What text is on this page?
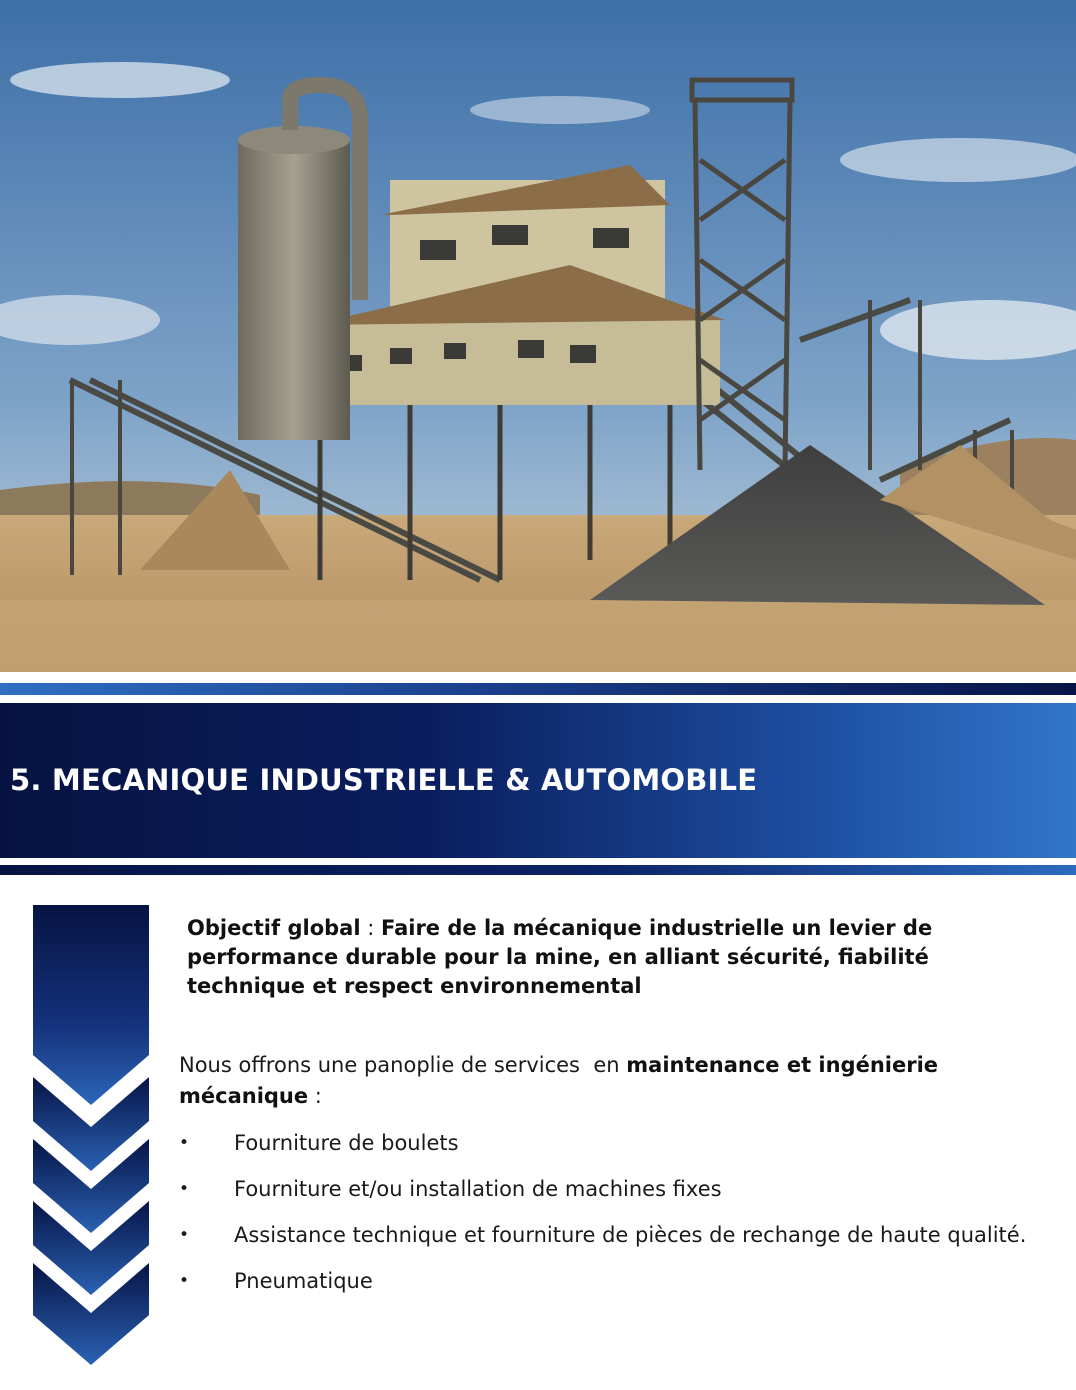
5. MECANIQUE INDUSTRIELLE & AUTOMOBILE
Objectif global : Faire de la mécanique industrielle un levier de performance durable pour la mine, en alliant sécurité, fiabilité technique et respect environnemental
Nous offrons une panoplie de services  en maintenance et ingénierie mécanique :
• Fourniture de boulets
• Fourniture et/ou installation de machines fixes
• Assistance technique et fourniture de pièces de rechange de haute qualité.
• Pneumatique
